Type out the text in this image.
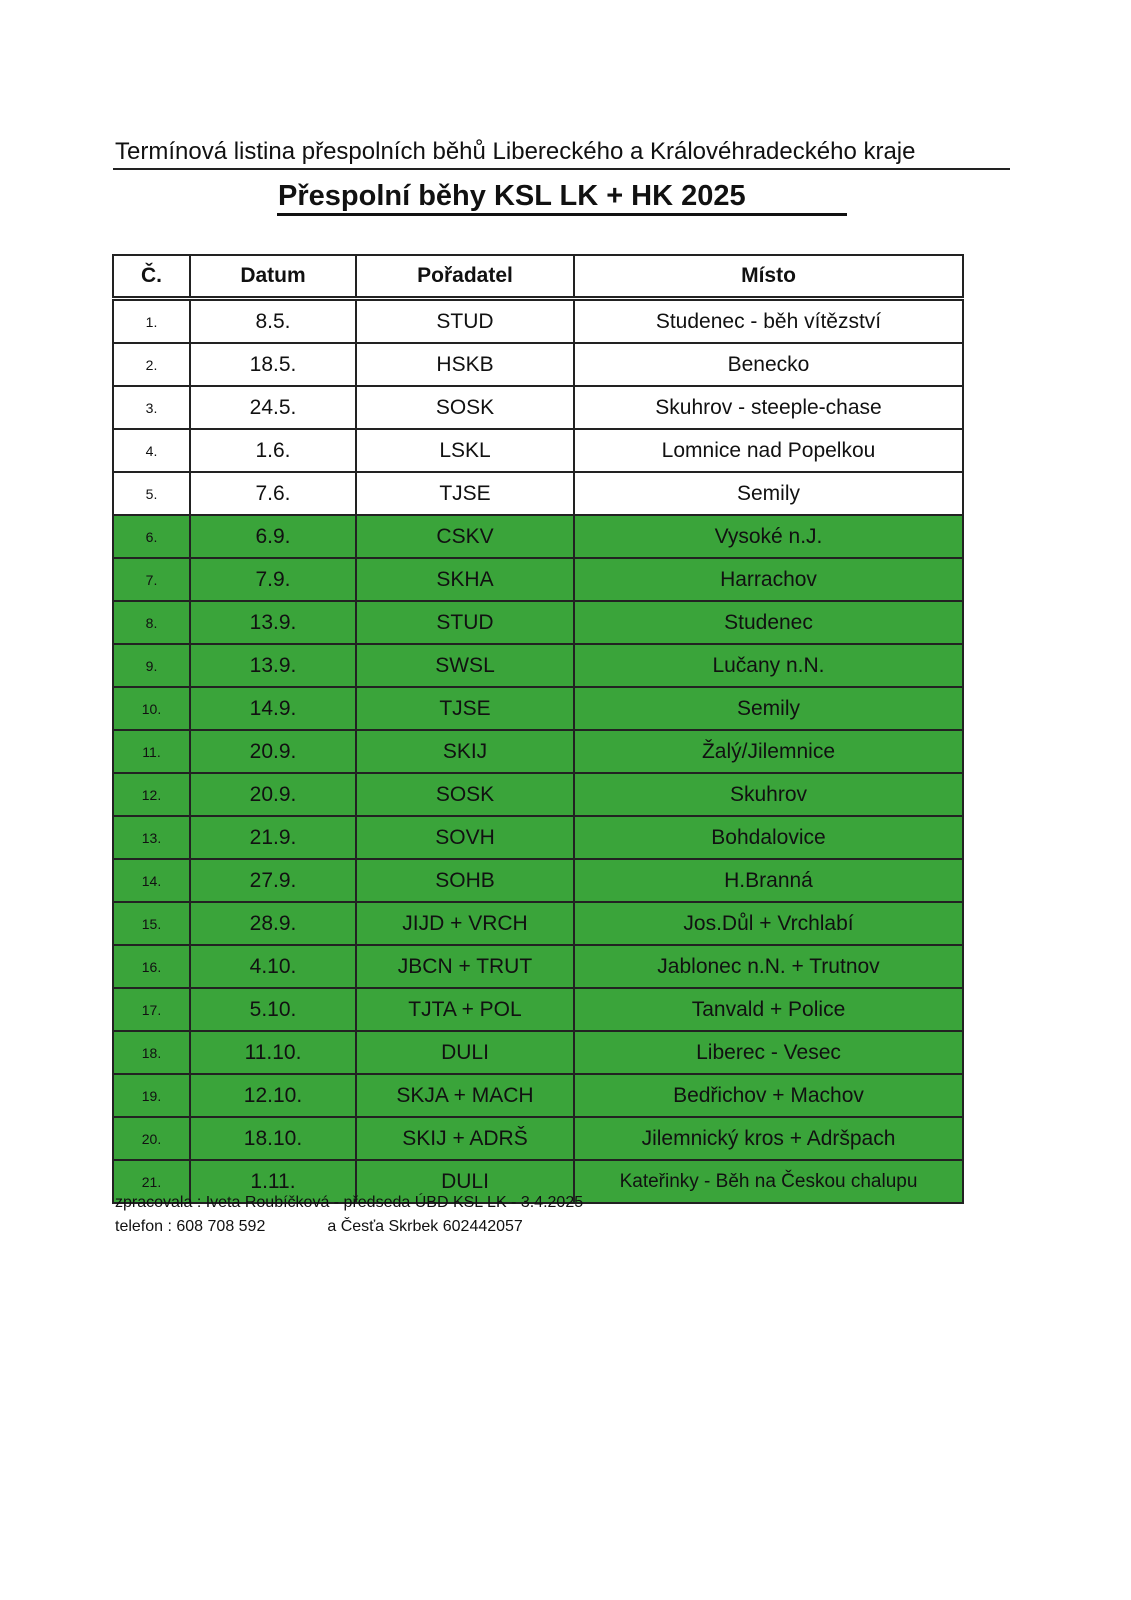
Termínová listina přespolních běhů Libereckého a Královéhradeckého kraje
Přespolní běhy KSL LK + HK 2025
Č.	Datum	Pořadatel	Místo
1.	8.5.	STUD	Studenec - běh vítězství
2.	18.5.	HSKB	Benecko
3.	24.5.	SOSK	Skuhrov - steeple-chase
4.	1.6.	LSKL	Lomnice nad Popelkou
5.	7.6.	TJSE	Semily
6.	6.9.	CSKV	Vysoké n.J.
7.	7.9.	SKHA	Harrachov
8.	13.9.	STUD	Studenec
9.	13.9.	SWSL	Lučany n.N.
10.	14.9.	TJSE	Semily
11.	20.9.	SKIJ	Žalý/Jilemnice
12.	20.9.	SOSK	Skuhrov
13.	21.9.	SOVH	Bohdalovice
14.	27.9.	SOHB	H.Branná
15.	28.9.	JIJD + VRCH	Jos.Důl + Vrchlabí
16.	4.10.	JBCN + TRUT	Jablonec n.N. + Trutnov
17.	5.10.	TJTA + POL	Tanvald + Police
18.	11.10.	DULI	Liberec - Vesec
19.	12.10.	SKJA + MACH	Bedřichov + Machov
20.	18.10.	SKIJ + ADRŠ	Jilemnický kros + Adršpach
21.	1.11.	DULI	Kateřinky - Běh na Českou chalupu
zpracovala : Iveta Roubíčková - předseda ÚBD KSL LK - 3.4.2025
telefon : 608 708 592	a Česťa Skrbek 602442057
